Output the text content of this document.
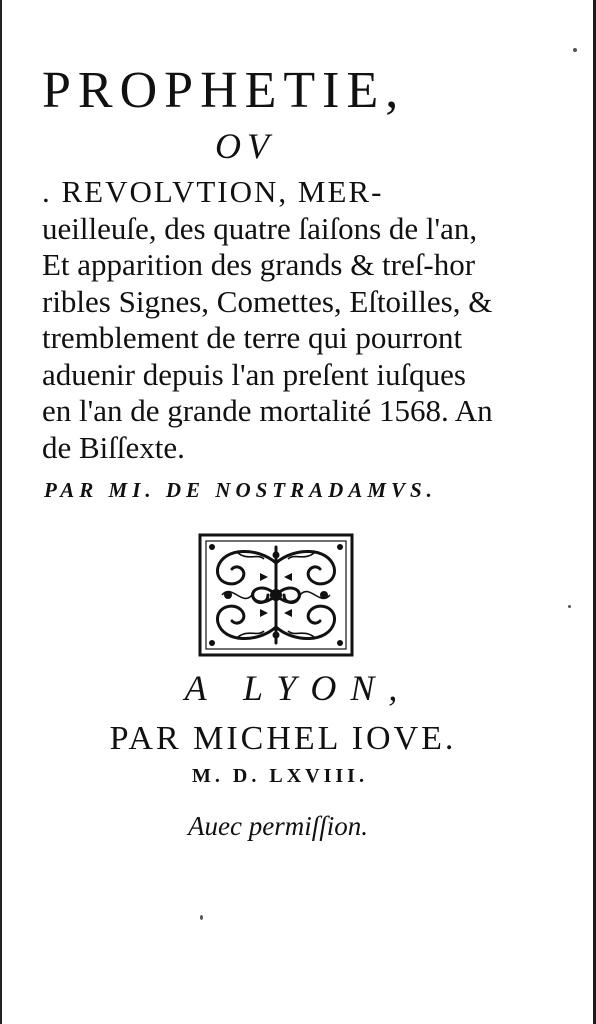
PROPHETIE,
OV
. REVOLVTION, MER-
ueilleuſe, des quatre ſaiſons de l'an,
Et apparition des grands & treſ-hor
ribles Signes, Comettes, Eſtoilles, &
tremblement de terre qui pourront
aduenir depuis l'an preſent iuſques
en l'an de grande mortalité 1568. An
de Biſſexte.
PAR MI. DE NOSTRADAMVS.
A LYON,
PAR MICHEL IOVE.
M. D. LXVIII.
Auec permiſſion.
